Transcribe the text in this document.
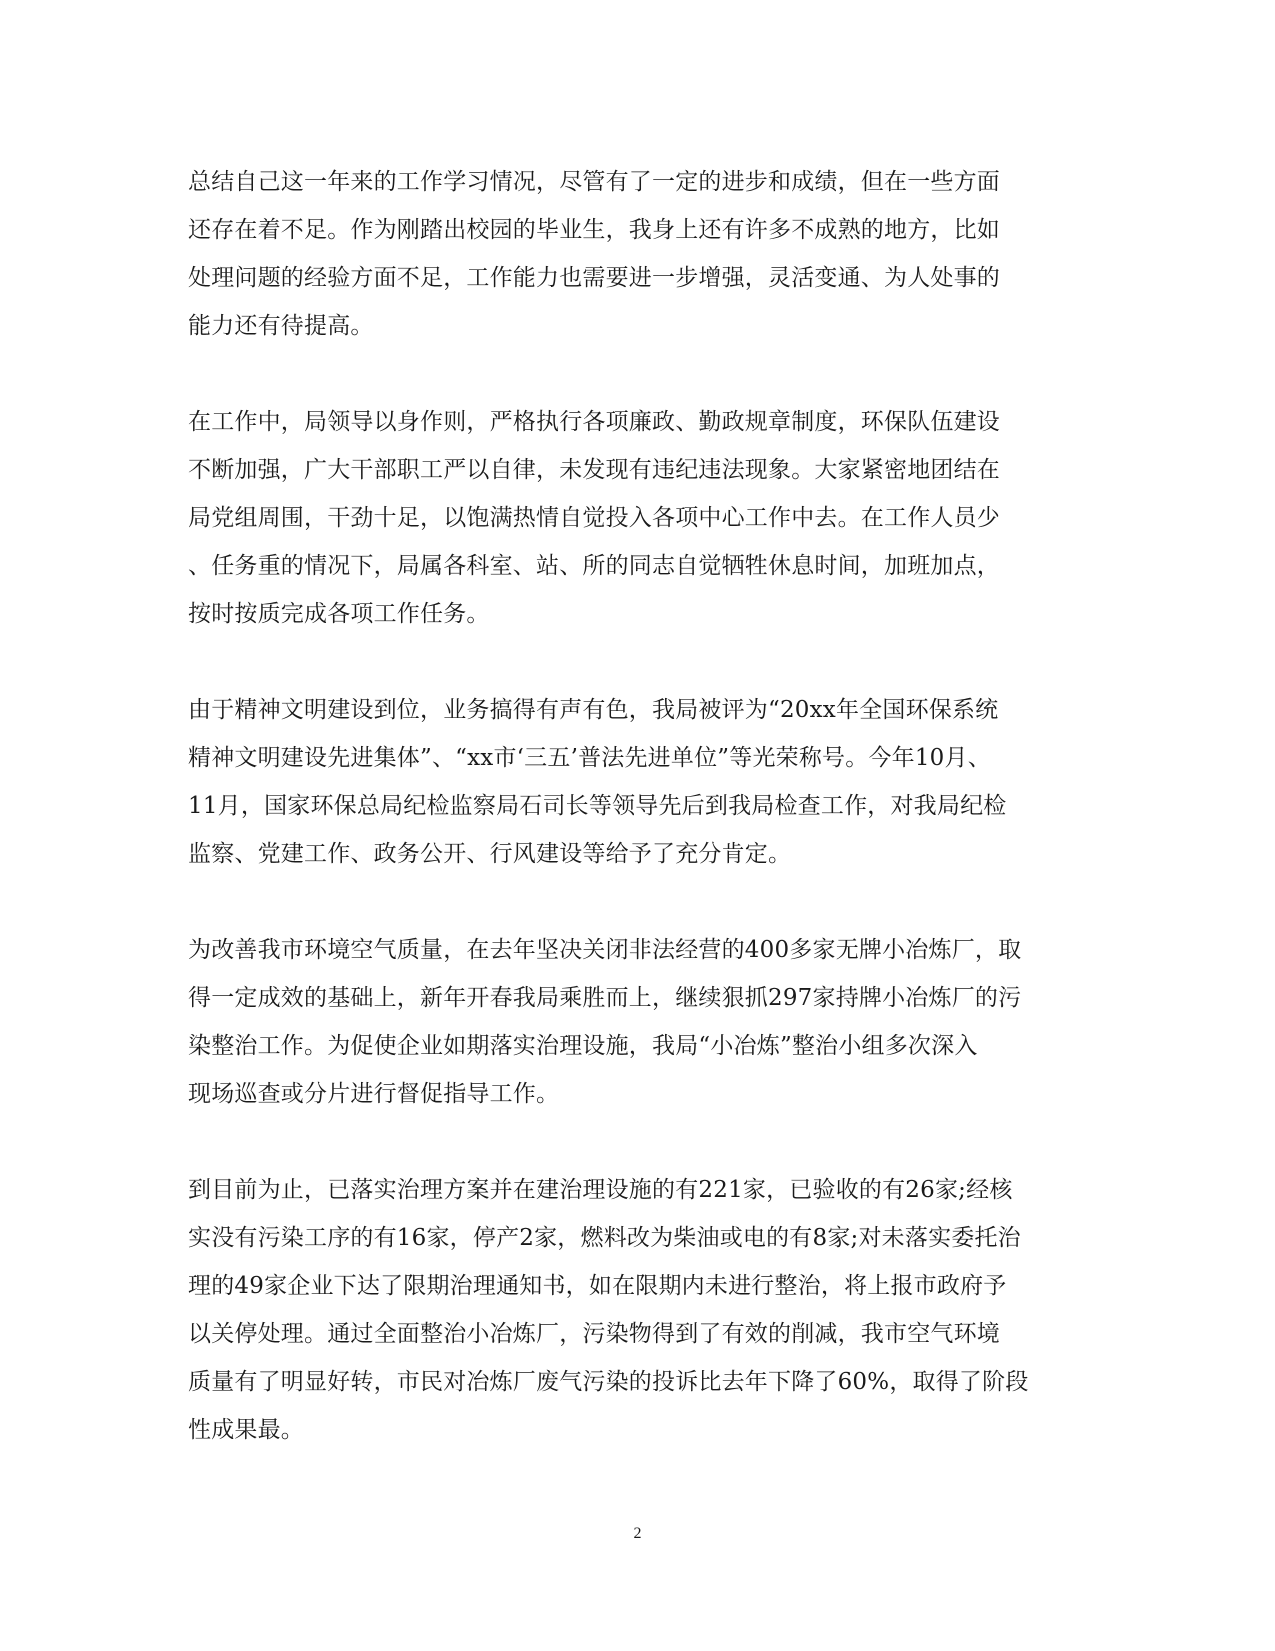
总结自己这一年来的工作学习情况，尽管有了一定的进步和成绩，但在一些方面
还存在着不足。作为刚踏出校园的毕业生，我身上还有许多不成熟的地方，比如
处理问题的经验方面不足，工作能力也需要进一步增强，灵活变通、为人处事的
能力还有待提高。
在工作中，局领导以身作则，严格执行各项廉政、勤政规章制度，环保队伍建设
不断加强，广大干部职工严以自律，未发现有违纪违法现象。大家紧密地团结在
局党组周围，干劲十足，以饱满热情自觉投入各项中心工作中去。在工作人员少
、任务重的情况下，局属各科室、站、所的同志自觉牺牲休息时间，加班加点，
按时按质完成各项工作任务。
由于精神文明建设到位，业务搞得有声有色，我局被评为“20xx年全国环保系统
精神文明建设先进集体”、“xx市‘三五’普法先进单位”等光荣称号。今年10月、
11月，国家环保总局纪检监察局石司长等领导先后到我局检查工作，对我局纪检
监察、党建工作、政务公开、行风建设等给予了充分肯定。
为改善我市环境空气质量，在去年坚决关闭非法经营的400多家无牌小冶炼厂，取
得一定成效的基础上，新年开春我局乘胜而上，继续狠抓297家持牌小冶炼厂的污
染整治工作。为促使企业如期落实治理设施，我局“小冶炼”整治小组多次深入
现场巡查或分片进行督促指导工作。
到目前为止，已落实治理方案并在建治理设施的有221家，已验收的有26家;经核
实没有污染工序的有16家，停产2家，燃料改为柴油或电的有8家;对未落实委托治
理的49家企业下达了限期治理通知书，如在限期内未进行整治，将上报市政府予
以关停处理。通过全面整治小冶炼厂，污染物得到了有效的削减，我市空气环境
质量有了明显好转，市民对冶炼厂废气污染的投诉比去年下降了60%，取得了阶段
性成果最。
2
